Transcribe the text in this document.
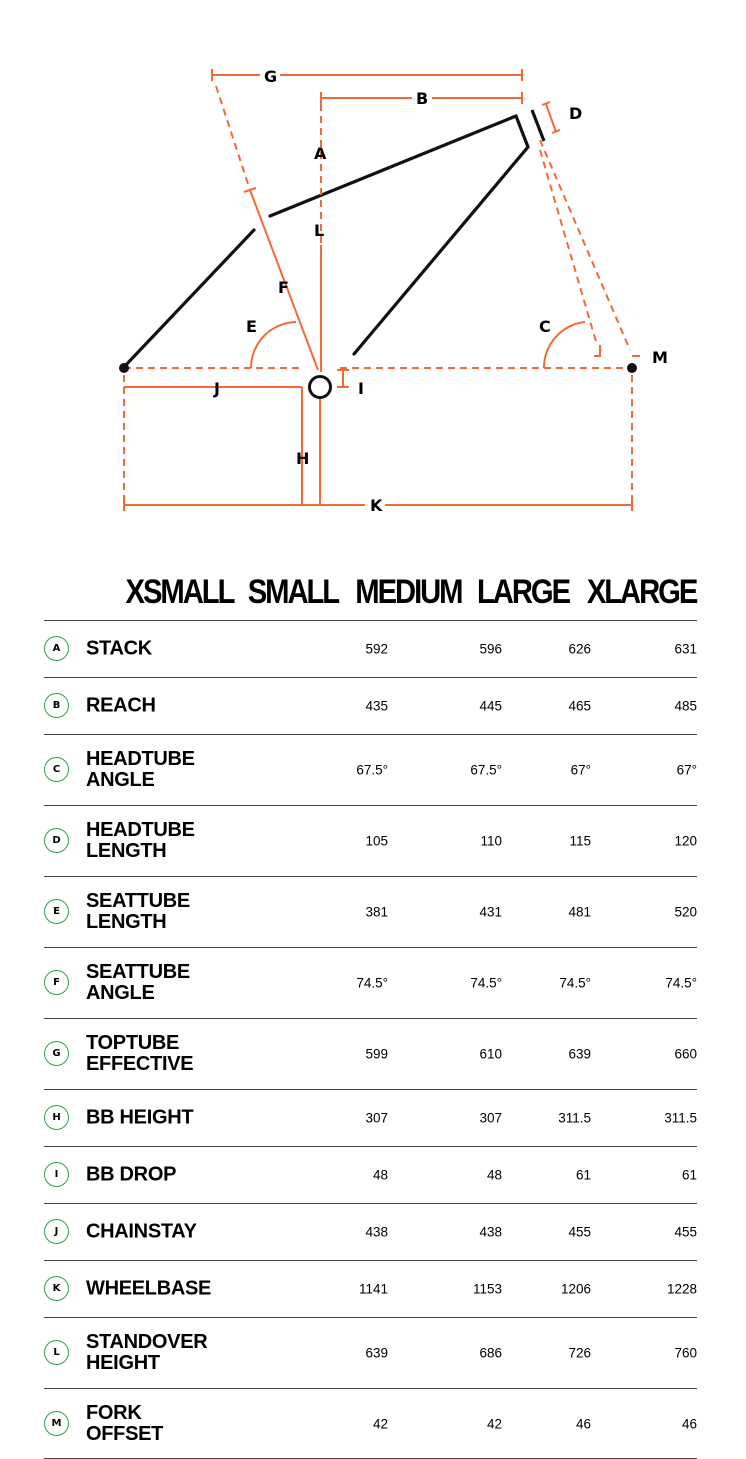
G
B
A
L
D
F
E	C
M
I
J
H
K
XSMALL SMALL MEDIUM LARGE XLARGE
A	STACK	592	596	626	631
B	REACH	435	445	465	485
C	HEADTUBE
ANGLE	67.5°	67.5°	67°	67°
D	HEADTUBE
LENGTH	105	110	115	120
E	SEATTUBE
LENGTH	381	431	481	520
F	SEATTUBE
ANGLE	74.5°	74.5°	74.5°	74.5°
G	TOPTUBE
EFFECTIVE	599	610	639	660
H	BB HEIGHT	307	307	311.5	311.5
I	BB DROP	48	48	61	61
J	CHAINSTAY	438	438	455	455
K	WHEELBASE	1141	1153	1206	1228
L	STANDOVER
HEIGHT	639	686	726	760
M	FORK
OFFSET	42	42	46	46
